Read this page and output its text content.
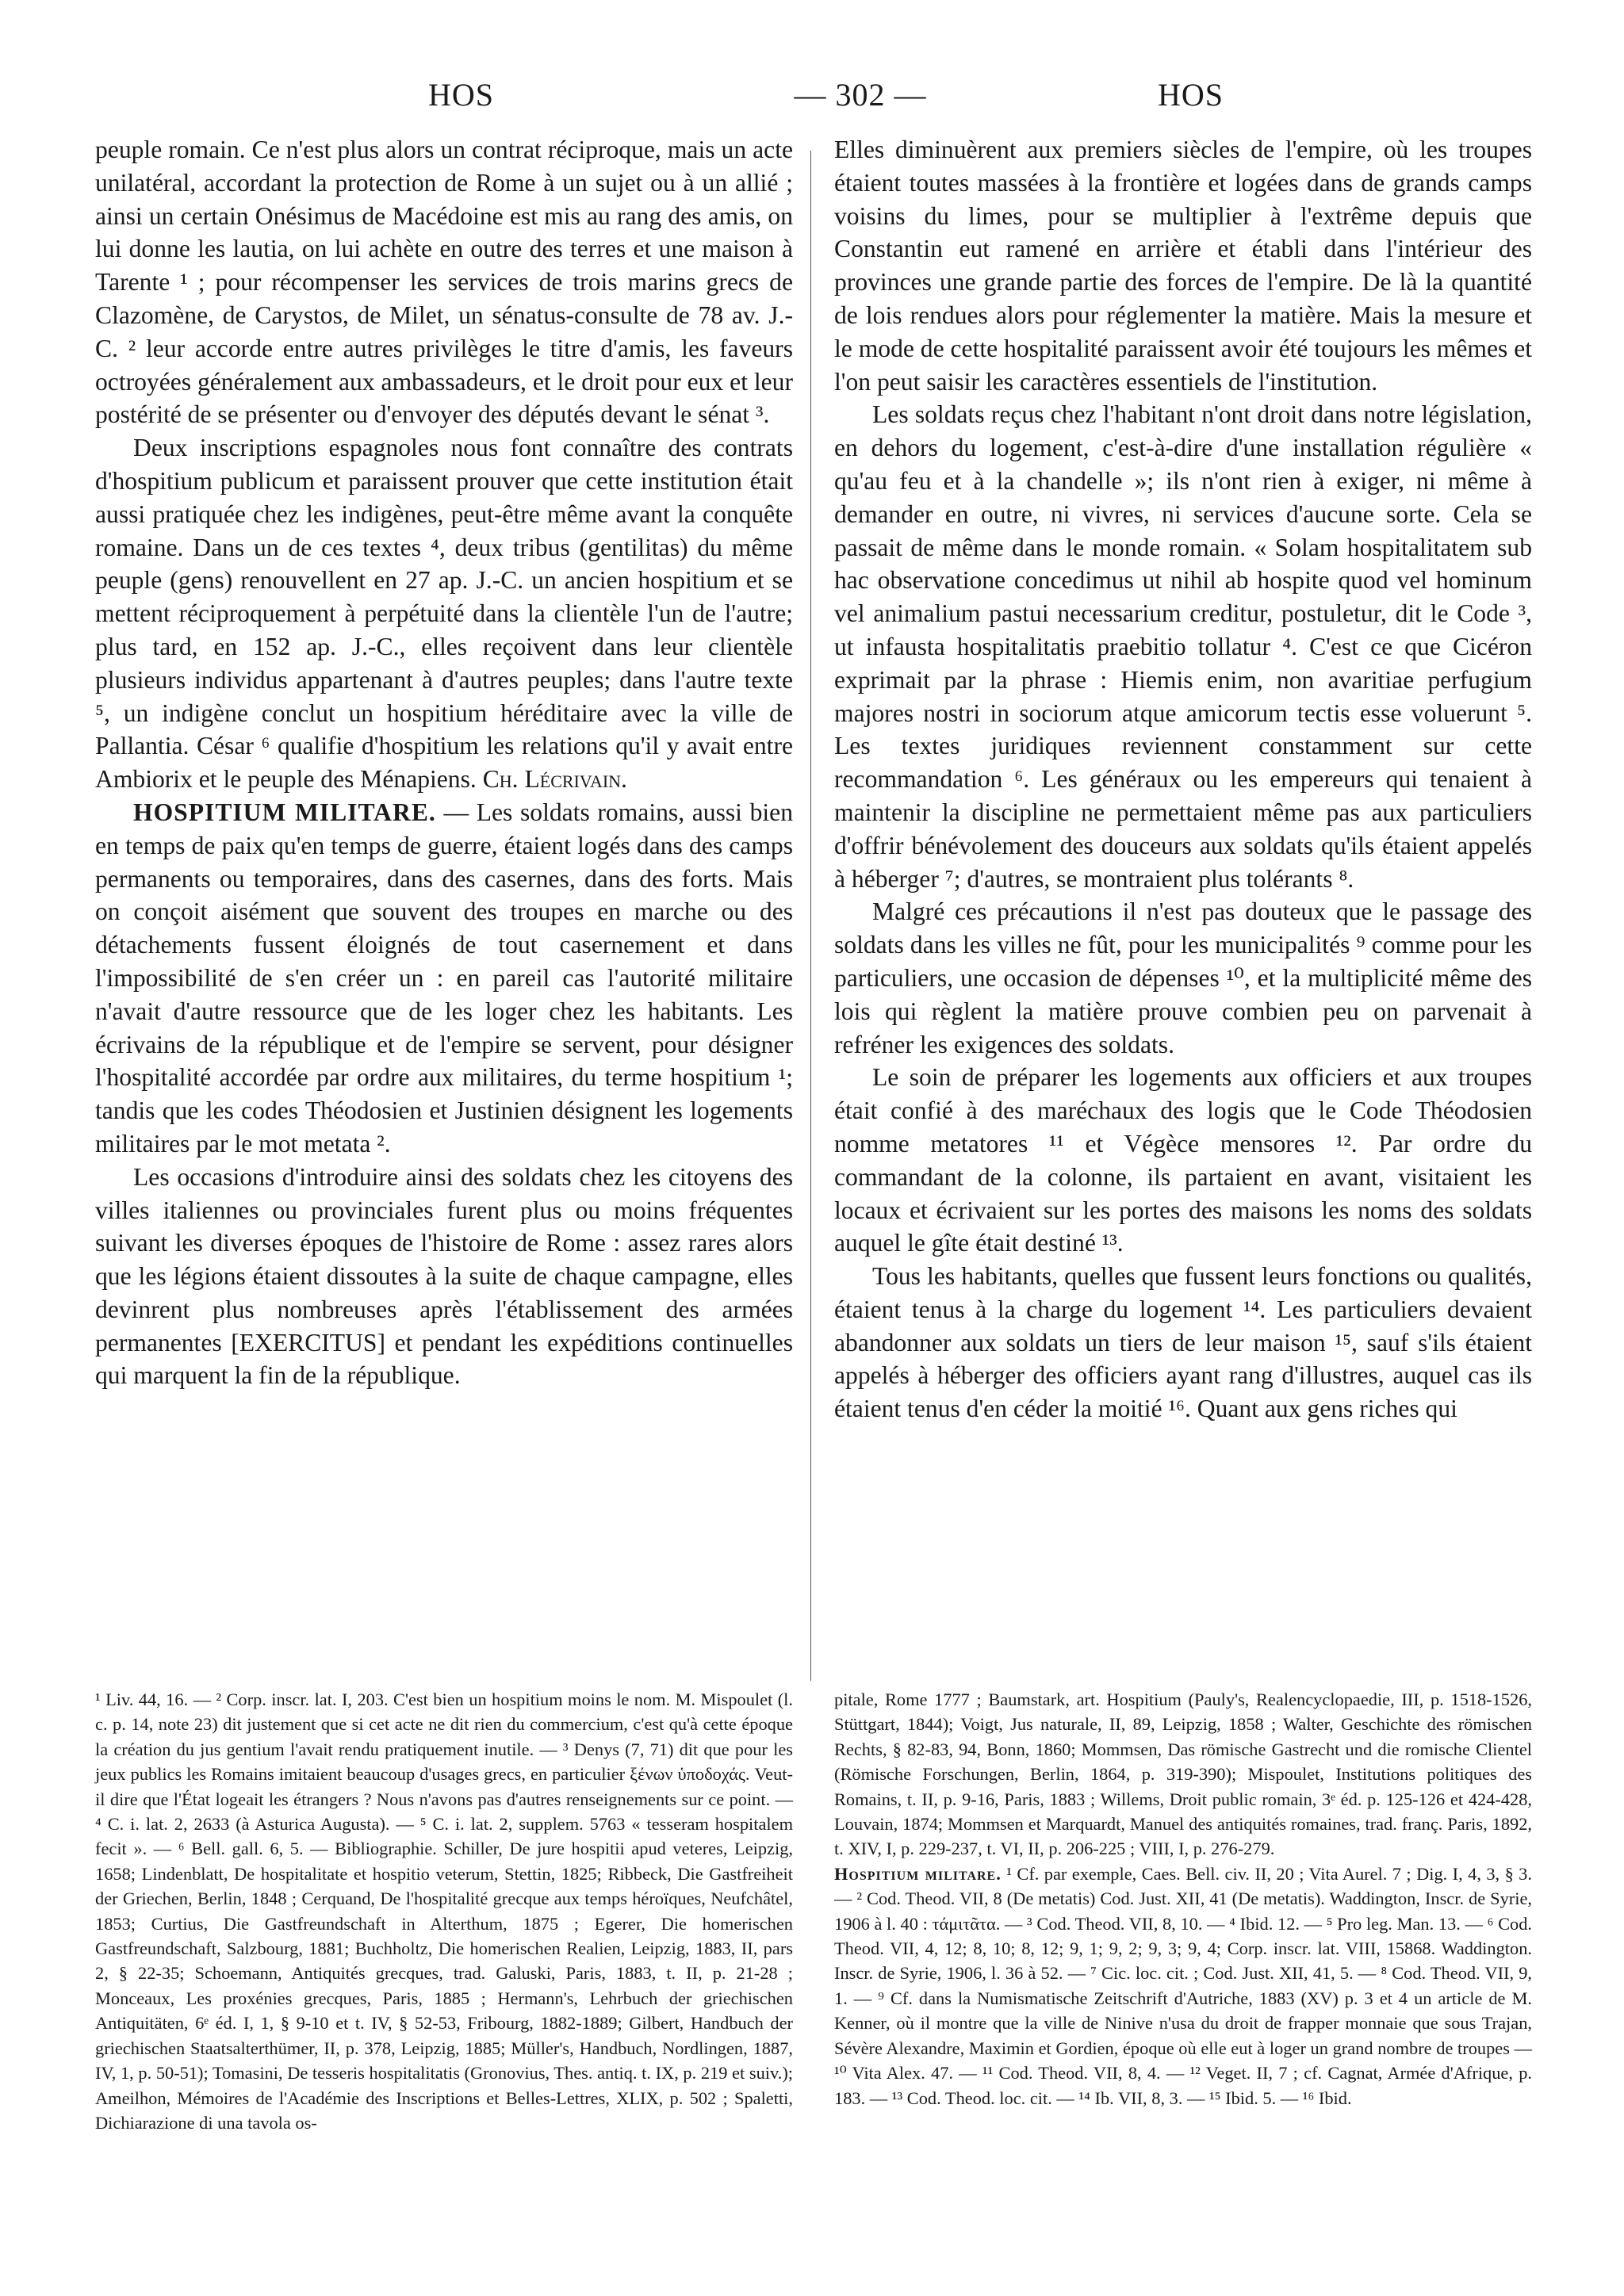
HOS	— 302 —	HOS

peuple romain. Ce n'est plus alors un contrat réciproque, mais un acte unilatéral, accordant la protection de Rome à un sujet ou à un allié ; ainsi un certain Onésimus de Macédoine est mis au rang des amis, on lui donne les lautia, on lui achète en outre des terres et une maison à Tarente ¹ ; pour récompenser les services de trois marins grecs de Clazomène, de Carystos, de Milet, un sénatus-consulte de 78 av. J.-C. ² leur accorde entre autres privilèges le titre d'amis, les faveurs octroyées généralement aux ambassadeurs, et le droit pour eux et leur postérité de se présenter ou d'envoyer des députés devant le sénat ³.

Deux inscriptions espagnoles nous font connaître des contrats d'hospitium publicum et paraissent prouver que cette institution était aussi pratiquée chez les indigènes, peut-être même avant la conquête romaine. Dans un de ces textes ⁴, deux tribus (gentilitas) du même peuple (gens) renouvellent en 27 ap. J.-C. un ancien hospitium et se mettent réciproquement à perpétuité dans la clientèle l'un de l'autre; plus tard, en 152 ap. J.-C., elles reçoivent dans leur clientèle plusieurs individus appartenant à d'autres peuples; dans l'autre texte ⁵, un indigène conclut un hospitium héréditaire avec la ville de Pallantia. César ⁶ qualifie d'hospitium les relations qu'il y avait entre Ambiorix et le peuple des Ménapiens. Ch. Lécrivain.

HOSPITIUM MILITARE. — Les soldats romains, aussi bien en temps de paix qu'en temps de guerre, étaient logés dans des camps permanents ou temporaires, dans des casernes, dans des forts. Mais on conçoit aisément que souvent des troupes en marche ou des détachements fussent éloignés de tout casernement et dans l'impossibilité de s'en créer un : en pareil cas l'autorité militaire n'avait d'autre ressource que de les loger chez les habitants. Les écrivains de la république et de l'empire se servent, pour désigner l'hospitalité accordée par ordre aux militaires, du terme hospitium ¹; tandis que les codes Théodosien et Justinien désignent les logements militaires par le mot metata ².

Les occasions d'introduire ainsi des soldats chez les citoyens des villes italiennes ou provinciales furent plus ou moins fréquentes suivant les diverses époques de l'histoire de Rome : assez rares alors que les légions étaient dissoutes à la suite de chaque campagne, elles devinrent plus nombreuses après l'établissement des armées permanentes [EXERCITUS] et pendant les expéditions continuelles qui marquent la fin de la république.

Elles diminuèrent aux premiers siècles de l'empire, où les troupes étaient toutes massées à la frontière et logées dans de grands camps voisins du limes, pour se multiplier à l'extrême depuis que Constantin eut ramené en arrière et établi dans l'intérieur des provinces une grande partie des forces de l'empire. De là la quantité de lois rendues alors pour réglementer la matière. Mais la mesure et le mode de cette hospitalité paraissent avoir été toujours les mêmes et l'on peut saisir les caractères essentiels de l'institution.

Les soldats reçus chez l'habitant n'ont droit dans notre législation, en dehors du logement, c'est-à-dire d'une installation régulière « qu'au feu et à la chandelle »; ils n'ont rien à exiger, ni même à demander en outre, ni vivres, ni services d'aucune sorte. Cela se passait de même dans le monde romain. « Solam hospitalitatem sub hac observatione concedimus ut nihil ab hospite quod vel hominum vel animalium pastui necessarium creditur, postuletur, dit le Code ³, ut infausta hospitalitatis praebitio tollatur ⁴. C'est ce que Cicéron exprimait par la phrase : Hiemis enim, non avaritiae perfugium majores nostri in sociorum atque amicorum tectis esse voluerunt ⁵. Les textes juridiques reviennent constamment sur cette recommandation ⁶. Les généraux ou les empereurs qui tenaient à maintenir la discipline ne permettaient même pas aux particuliers d'offrir bénévolement des douceurs aux soldats qu'ils étaient appelés à héberger ⁷; d'autres, se montraient plus tolérants ⁸.

Malgré ces précautions il n'est pas douteux que le passage des soldats dans les villes ne fût, pour les municipalités ⁹ comme pour les particuliers, une occasion de dépenses ¹⁰, et la multiplicité même des lois qui règlent la matière prouve combien peu on parvenait à refréner les exigences des soldats.

Le soin de préparer les logements aux officiers et aux troupes était confié à des maréchaux des logis que le Code Théodosien nomme metatores ¹¹ et Végèce mensores ¹². Par ordre du commandant de la colonne, ils partaient en avant, visitaient les locaux et écrivaient sur les portes des maisons les noms des soldats auquel le gîte était destiné ¹³.

Tous les habitants, quelles que fussent leurs fonctions ou qualités, étaient tenus à la charge du logement ¹⁴. Les particuliers devaient abandonner aux soldats un tiers de leur maison ¹⁵, sauf s'ils étaient appelés à héberger des officiers ayant rang d'illustres, auquel cas ils étaient tenus d'en céder la moitié ¹⁶. Quant aux gens riches qui

¹ Liv. 44, 16. — ² Corp. inscr. lat. I, 203. C'est bien un hospitium moins le nom. M. Mispoulet (l. c. p. 14, note 23) dit justement que si cet acte ne dit rien du commercium, c'est qu'à cette époque la création du jus gentium l'avait rendu pratiquement inutile. — ³ Denys (7, 71) dit que pour les jeux publics les Romains imitaient beaucoup d'usages grecs, en particulier ξένων ὑποδοχάς. Veut-il dire que l'État logeait les étrangers ? Nous n'avons pas d'autres renseignements sur ce point. — ⁴ C. i. lat. 2, 2633 (à Asturica Augusta). — ⁵ C. i. lat. 2, supplem. 5763 « tesseram hospitalem fecit ». — ⁶ Bell. gall. 6, 5. — Bibliographie. Schiller, De jure hospitii apud veteres, Leipzig, 1658; Lindenblatt, De hospitalitate et hospitio veterum, Stettin, 1825; Ribbeck, Die Gastfreiheit der Griechen, Berlin, 1848 ; Cerquand, De l'hospitalité grecque aux temps héroïques, Neufchâtel, 1853; Curtius, Die Gastfreundschaft in Alterthum, 1875 ; Egerer, Die homerischen Gastfreundschaft, Salzbourg, 1881; Buchholtz, Die homerischen Realien, Leipzig, 1883, II, pars 2, § 22-35; Schoemann, Antiquités grecques, trad. Galuski, Paris, 1883, t. II, p. 21-28 ; Monceaux, Les proxénies grecques, Paris, 1885 ; Hermann's, Lehrbuch der griechischen Antiquitäten, 6ᵉ éd. I, 1, § 9-10 et t. IV, § 52-53, Fribourg, 1882-1889; Gilbert, Handbuch der griechischen Staatsalterthümer, II, p. 378, Leipzig, 1885; Müller's, Handbuch, Nordlingen, 1887, IV, 1, p. 50-51); Tomasini, De tesseris hospitalitatis (Gronovius, Thes. antiq. t. IX, p. 219 et suiv.); Ameilhon, Mémoires de l'Académie des Inscriptions et Belles-Lettres, XLIX, p. 502 ; Spaletti, Dichiarazione di una tavola os-

pitale, Rome 1777 ; Baumstark, art. Hospitium (Pauly's, Realencyclopaedie, III, p. 1518-1526, Stüttgart, 1844); Voigt, Jus naturale, II, 89, Leipzig, 1858 ; Walter, Geschichte des römischen Rechts, § 82-83, 94, Bonn, 1860; Mommsen, Das römische Gastrecht und die romische Clientel (Römische Forschungen, Berlin, 1864, p. 319-390); Mispoulet, Institutions politiques des Romains, t. II, p. 9-16, Paris, 1883 ; Willems, Droit public romain, 3ᵉ éd. p. 125-126 et 424-428, Louvain, 1874; Mommsen et Marquardt, Manuel des antiquités romaines, trad. franç. Paris, 1892, t. XIV, I, p. 229-237, t. VI, II, p. 206-225 ; VIII, I, p. 276-279.

Hospitium militare. ¹ Cf. par exemple, Caes. Bell. civ. II, 20 ; Vita Aurel. 7 ; Dig. I, 4, 3, § 3. — ² Cod. Theod. VII, 8 (De metatis) Cod. Just. XII, 41 (De metatis). Waddington, Inscr. de Syrie, 1906 à l. 40 : τάμιτᾶτα. — ³ Cod. Theod. VII, 8, 10. — ⁴ Ibid. 12. — ⁵ Pro leg. Man. 13. — ⁶ Cod. Theod. VII, 4, 12; 8, 10; 8, 12; 9, 1; 9, 2; 9, 3; 9, 4; Corp. inscr. lat. VIII, 15868. Waddington. Inscr. de Syrie, 1906, l. 36 à 52. — ⁷ Cic. loc. cit. ; Cod. Just. XII, 41, 5. — ⁸ Cod. Theod. VII, 9, 1. — ⁹ Cf. dans la Numismatische Zeitschrift d'Autriche, 1883 (XV) p. 3 et 4 un article de M. Kenner, où il montre que la ville de Ninive n'usa du droit de frapper monnaie que sous Trajan, Sévère Alexandre, Maximin et Gordien, époque où elle eut à loger un grand nombre de troupes — ¹⁰ Vita Alex. 47. — ¹¹ Cod. Theod. VII, 8, 4. — ¹² Veget. II, 7 ; cf. Cagnat, Armée d'Afrique, p. 183. — ¹³ Cod. Theod. loc. cit. — ¹⁴ Ib. VII, 8, 3. — ¹⁵ Ibid. 5. — ¹⁶ Ibid.
